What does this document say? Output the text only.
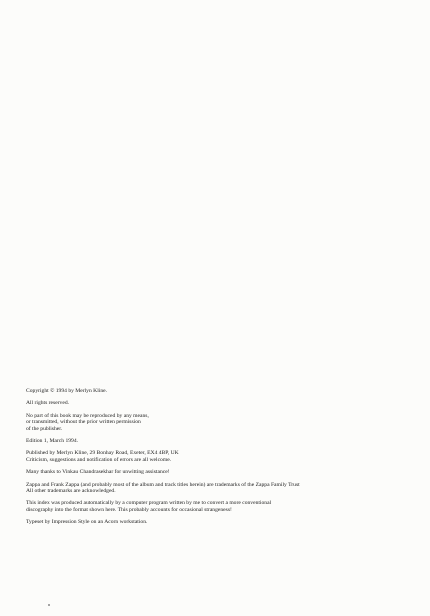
Copyright © 1994 by Merlyn Kline.

All rights reserved.

No part of this book may be reproduced by any means,
or transmitted, without the prior written permission
of the publisher.

Edition 1, March 1994.

Published by Merlyn Kline, 29 Bonhay Road, Exeter, EX4 4BP, UK
Criticism, suggestions and notification of errors are all welcome.

Many thanks to Vinkau Chandrasekhar for unwitting assistance!

Zappa and Frank Zappa (and probably most of the album and track titles herein) are trademarks of the Zappa Family Trust
All other trademarks are acknowledged.

This index was produced automatically by a computer program written by me to convert a more conventional
discography into the format shown here. This probably accounts for occasional strangeness!

Typeset by Impression Style on an Acorn workstation.
